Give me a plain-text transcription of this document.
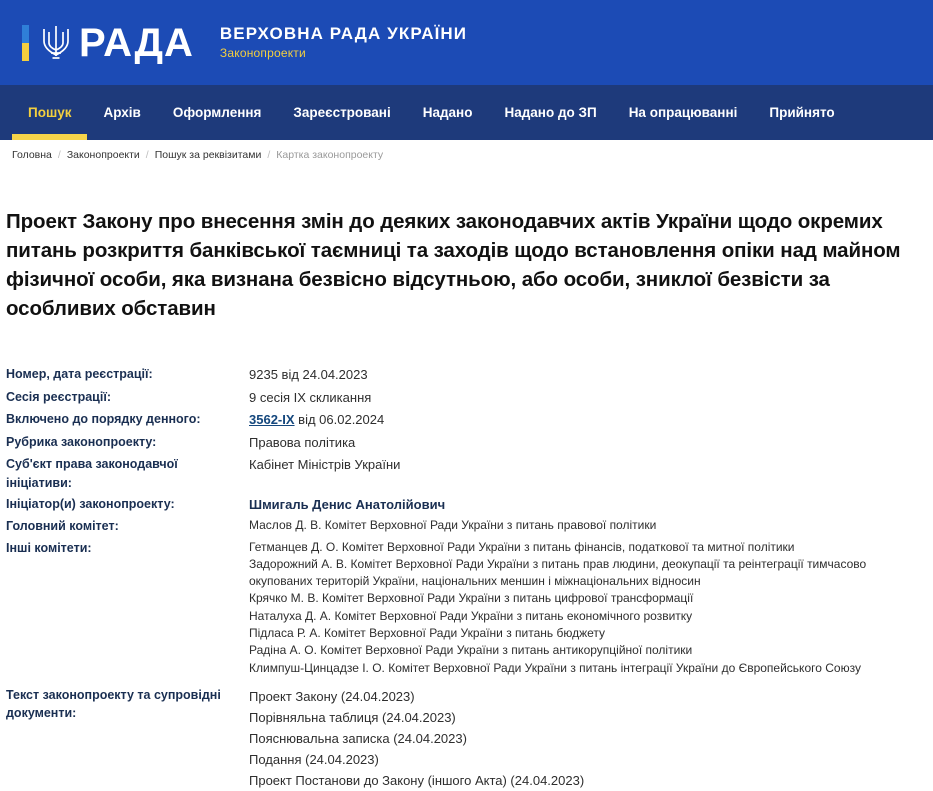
РАДА ВЕРХОВНА РАДА УКРАЇНИ
Законопроекти
Пошук	Архів	Оформлення	Зареєстровані	Надано	Надано до ЗП	На опрацюванні	Прийнято
Головна / Законопроекти / Пошук за реквізитами / Картка законопроекту
Проект Закону про внесення змін до деяких законодавчих актів України щодо окремих питань розкриття банківської таємниці та заходів щодо встановлення опіки над майном фізичної особи, яка визнана безвісно відсутньою, або особи, зниклої безвісти за особливих обставин
Номер, дата реєстрації:	9235 від 24.04.2023
Сесія реєстрації:	9 сесія IX скликання
Включено до порядку денного:	3562-IX від 06.02.2024
Рубрика законопроекту:	Правова політика
Суб'єкт права законодавчої ініціативи:
Кабінет Міністрів України
Ініціатор(и) законопроекту:	Шмигаль Денис Анатолійович
Головний комітет:	Маслов Д. В. Комітет Верховної Ради України з питань правової політики
Інші комітети:	Гетманцев Д. О. Комітет Верховної Ради України з питань фінансів, податкової та митної політики
Задорожний А. В. Комітет Верховної Ради України з питань прав людини, деокупації та реінтеграції тимчасово окупованих територій України, національних меншин і міжнаціональних відносин
Крячко М. В. Комітет Верховної Ради України з питань цифрової трансформації
Наталуха Д. А. Комітет Верховної Ради України з питань економічного розвитку
Підласа Р. А. Комітет Верховної Ради України з питань бюджету
Радіна А. О. Комітет Верховної Ради України з питань антикорупційної політики
Климпуш-Цинцадзе І. О. Комітет Верховної Ради України з питань інтеграції України до Європейського Союзу
Текст законопроекту та супровідні документи:
Проект Закону (24.04.2023)
Порівняльна таблиця (24.04.2023)
Пояснювальна записка (24.04.2023)
Подання (24.04.2023)
Проект Постанови до Закону (іншого Акта) (24.04.2023)
